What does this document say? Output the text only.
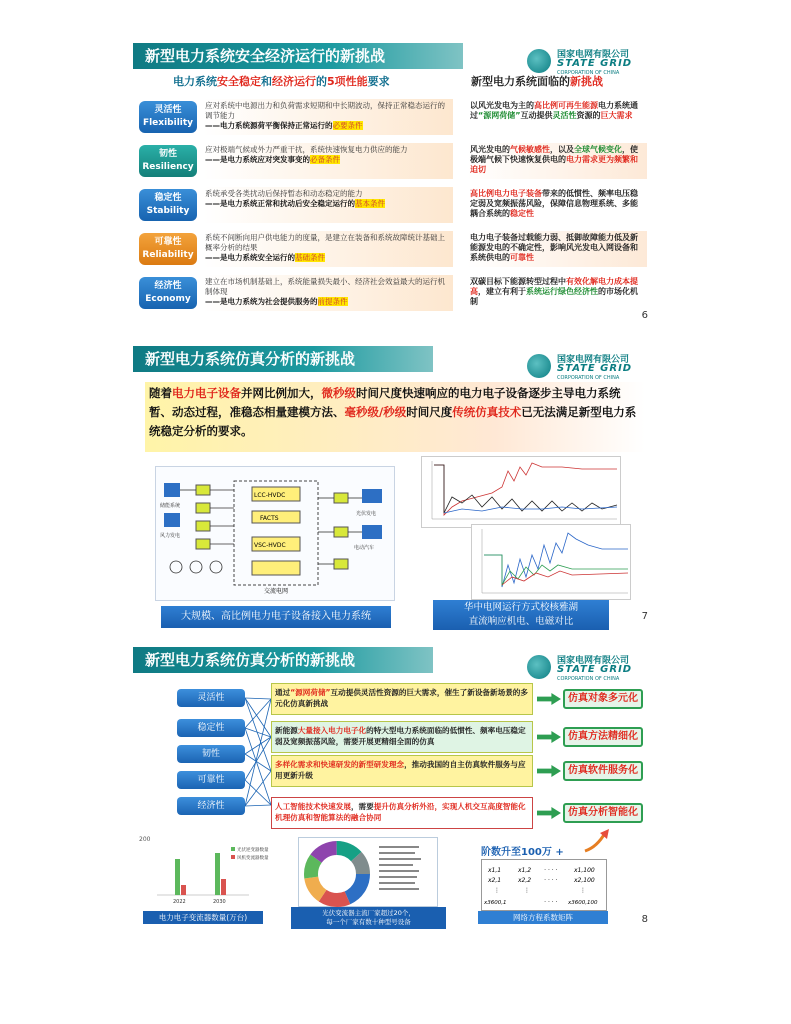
新型电力系统安全经济运行的新挑战	国家电网有限公司
STATE GRID
CORPORATION OF CHINA
电力系统安全稳定和经济运行的5项性能要求	新型电力系统面临的新挑战
灵活性
Flexibility
应对系统中电源出力和负荷需求短期和中长期波动，保持正常稳态运行的调节能力
——电力系统源荷平衡保持正常运行的必要条件
以风光发电为主的高比例可再生能源电力系统通过“源网荷储”互动提供灵活性资源的巨大需求
韧性
Resiliency
应对极端气候或外力严重干扰，系统快速恢复电力供应的能力
——是电力系统应对突发事变的必备条件
风光发电的气候敏感性，以及全球气候变化，使极端气候下快速恢复供电的电力需求更为频繁和迫切
稳定性
Stability
系统承受各类扰动后保持暂态和动态稳定的能力
——是电力系统正常和扰动后安全稳定运行的基本条件
高比例电力电子装备带来的低惯性、频率电压稳定弱及宽频振荡风险，保障信息物理系统、多能耦合系统的稳定性
可靠性
Reliability
系统不间断向用户供电能力的度量，是建立在装备和系统故障统计基础上概率分析的结果
——是电力系统安全运行的基础条件
电力电子装备过载能力弱、抵御故障能力低及新能源发电的不确定性，影响风光发电入网设备和系统供电的可靠性
经济性
Economy
建立在市场机制基础上，系统能量损失最小、经济社会效益最大的运行机制体现
——是电力系统为社会提供服务的前提条件
双碳目标下能源转型过程中有效化解电力成本提高，建立有利于系统运行绿色经济性的市场化机制
6
新型电力系统仿真分析的新挑战	国家电网有限公司
STATE GRID
CORPORATION OF CHINA
随着电力电子设备并网比例加大，微秒级时间尺度快速响应的电力电子设备逐步主导电力系统暂、动态过程，准稳态相量建模方法、毫秒级/秒级时间尺度传统仿真技术已无法满足新型电力系统稳定分析的要求。
LCC-HVDC
VSC-HVDC
FACTS
储能系统
光伏发电
风力发电
电动汽车
交流电网
大规模、高比例电力电子设备接入电力系统
华中电网运行方式校核雅湖
直流响应机电、电磁对比	7
新型电力系统仿真分析的新挑战	国家电网有限公司
STATE GRID
CORPORATION OF CHINA
灵活性
稳定性
韧性
可靠性
经济性
通过“源网荷储”互动提供灵活性资源的巨大需求，催生了新设备新场景的多元化仿真新挑战
新能源大量接入电力电子化的特大型电力系统面临的低惯性、频率电压稳定弱及宽频振荡风险，需要开展更精细全面的仿真
多样化需求和快速研发的新型研发理念，推动我国的自主仿真软件服务与应用更新升级
人工智能技术快速发展，需要提升仿真分析外沿，实现人机交互高度智能化机理仿真和智能算法的融合协同
仿真对象多元化
仿真方法精细化
仿真软件服务化
仿真分析智能化
200
2022	2030
光伏逆变器数量
风机变流器数量
电力电子变流器数量(万台)	光伏变流器主流厂家超过20个，
每一个厂家有数十种型号设备
阶数升至100万 +
x1,1	x1,2 · · · ·	x1,100
x2,1	x2,2 · · · ·	x2,100
⋮	⋮	⋮
x3600,1	· · · · x3600,100
网络方程系数矩阵	8
